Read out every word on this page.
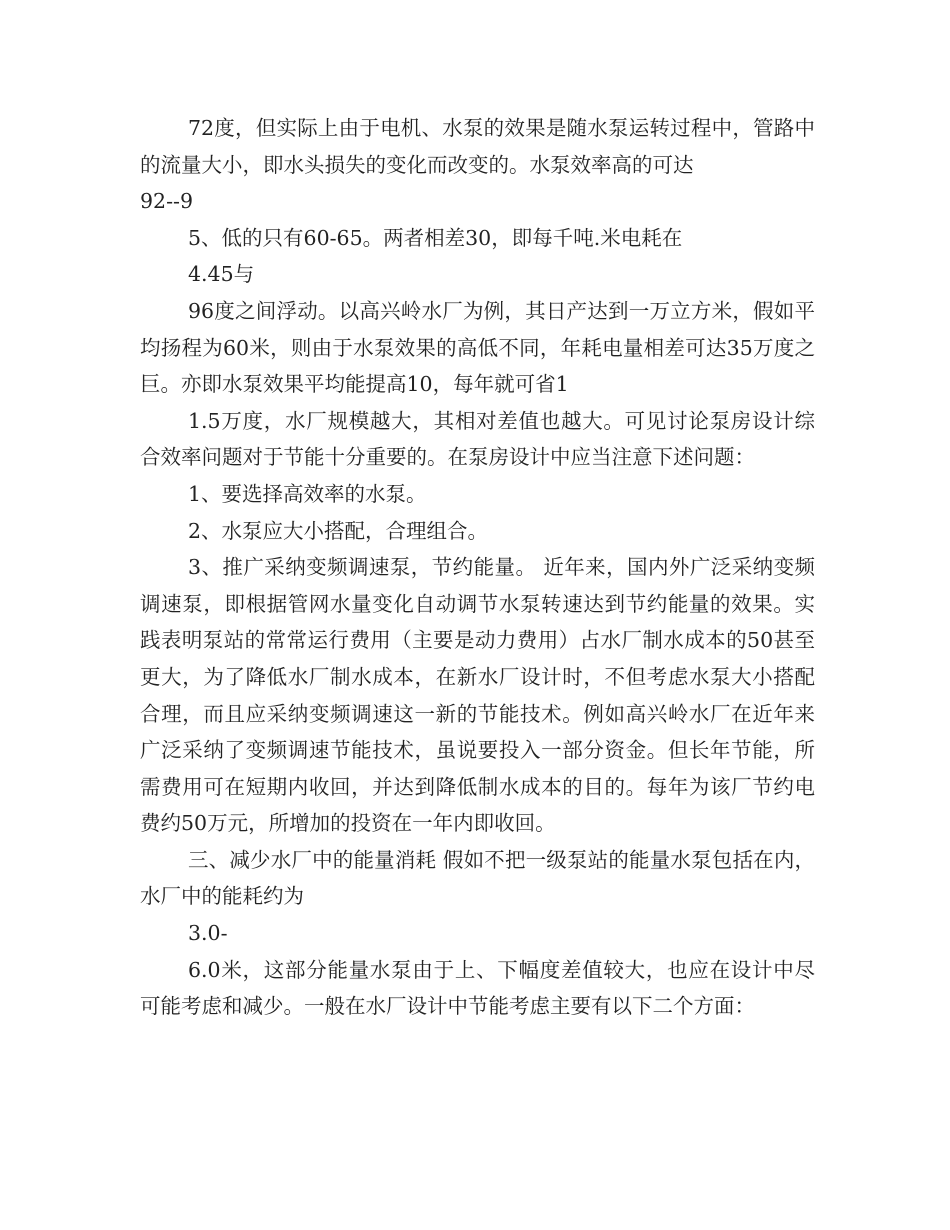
72度，但实际上由于电机、水泵的效果是随水泵运转过程中，管路中的流量大小，即水头损失的变化而改变的。水泵效率高的可达

92--9

5、低的只有60-65。两者相差30，即每千吨.米电耗在

4.45与

96度之间浮动。以高兴岭水厂为例，其日产达到一万立方米，假如平均扬程为60米，则由于水泵效果的高低不同，年耗电量相差可达35万度之巨。亦即水泵效果平均能提高10，每年就可省1

1.5万度，水厂规模越大，其相对差值也越大。可见讨论泵房设计综合效率问题对于节能十分重要的。在泵房设计中应当注意下述问题：

1、要选择高效率的水泵。

2、水泵应大小搭配，合理组合。

3、推广采纳变频调速泵，节约能量。 近年来，国内外广泛采纳变频调速泵，即根据管网水量变化自动调节水泵转速达到节约能量的效果。实践表明泵站的常常运行费用（主要是动力费用）占水厂制水成本的50甚至更大，为了降低水厂制水成本，在新水厂设计时，不但考虑水泵大小搭配合理，而且应采纳变频调速这一新的节能技术。例如高兴岭水厂在近年来广泛采纳了变频调速节能技术，虽说要投入一部分资金。但长年节能，所需费用可在短期内收回，并达到降低制水成本的目的。每年为该厂节约电费约50万元，所增加的投资在一年内即收回。

三、减少水厂中的能量消耗 假如不把一级泵站的能量水泵包括在内，水厂中的能耗约为

3.0-

6.0米，这部分能量水泵由于上、下幅度差值较大，也应在设计中尽可能考虑和减少。一般在水厂设计中节能考虑主要有以下二个方面：
